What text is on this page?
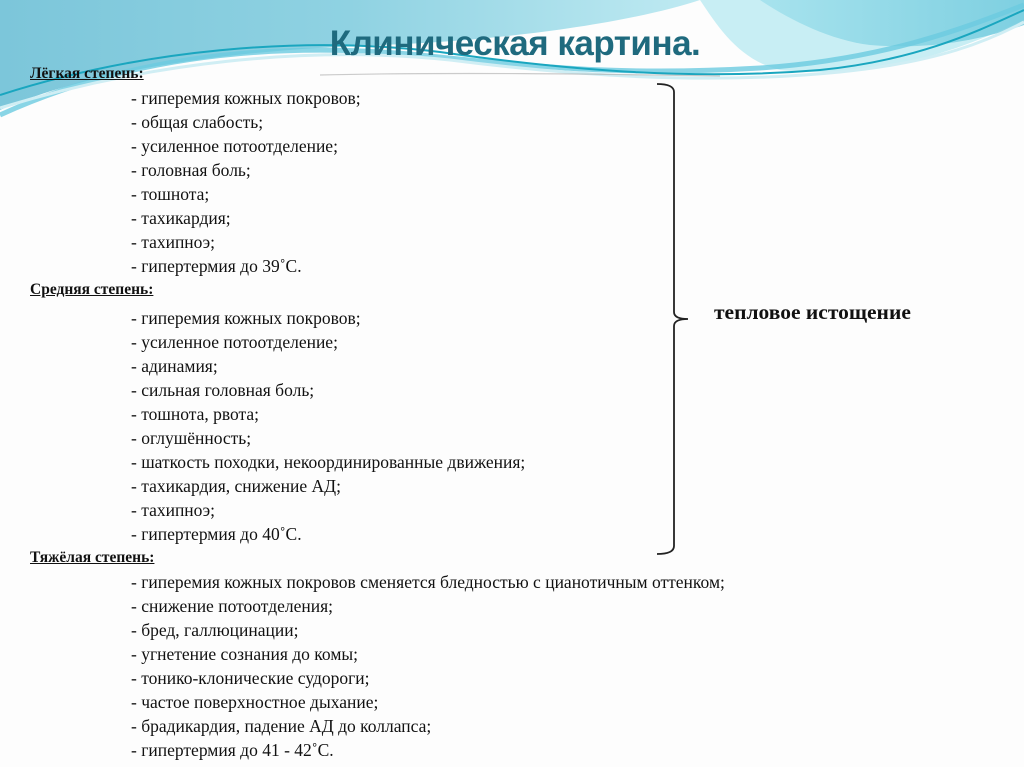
Клиническая картина.
Лёгкая степень:
- гиперемия кожных покровов;
- общая слабость;
- усиленное потоотделение;
- головная боль;
- тошнота;
- тахикардия;
- тахипноэ;
- гипертермия до 39˚С.
Средняя степень:
- гиперемия кожных покровов;
- усиленное потоотделение;
- адинамия;
- сильная головная боль;
- тошнота, рвота;
- оглушённость;
- шаткость походки, некоординированные движения;
- тахикардия, снижение АД;
- тахипноэ;
- гипертермия до 40˚С.
Тяжёлая степень:
- гиперемия кожных покровов сменяется бледностью с цианотичным оттенком;
- снижение потоотделения;
- бред, галлюцинации;
- угнетение сознания до комы;
- тонико-клонические судороги;
- частое поверхностное дыхание;
- брадикардия, падение АД до коллапса;
- гипертермия до 41 - 42˚С.
тепловое истощение
